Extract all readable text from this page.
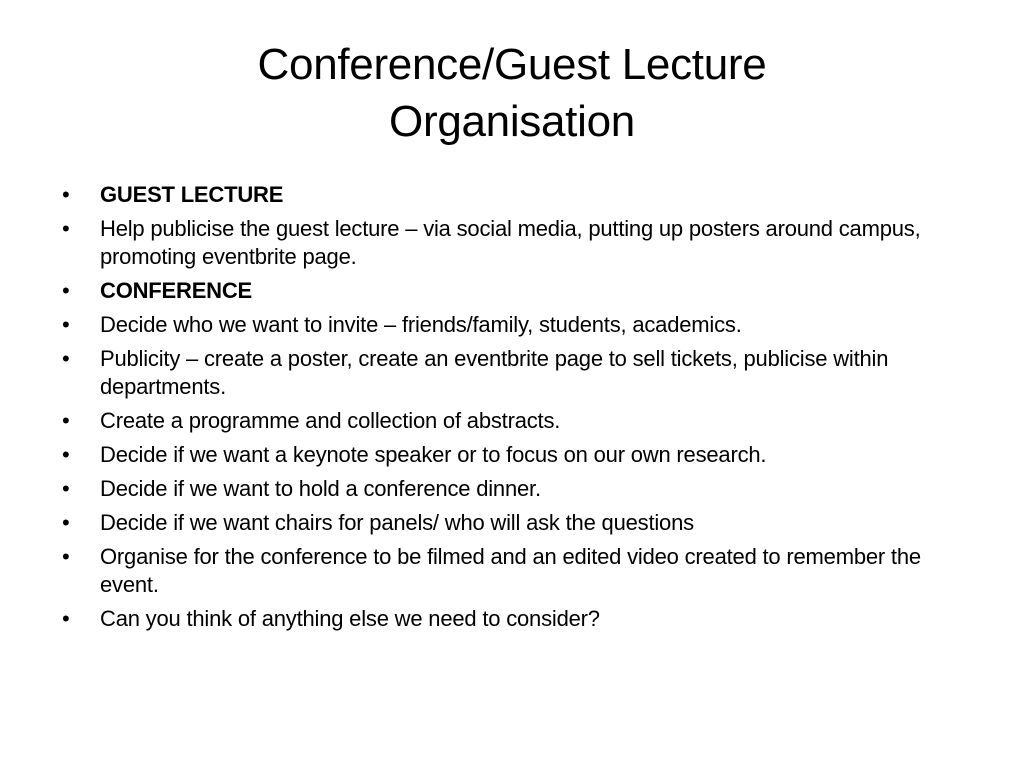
Conference/Guest Lecture
Organisation
• GUEST LECTURE
• Help publicise the guest lecture – via social media, putting up posters around campus, promoting eventbrite page.
• CONFERENCE
• Decide who we want to invite – friends/family, students, academics.
• Publicity – create a poster, create an eventbrite page to sell tickets, publicise within departments.
• Create a programme and collection of abstracts.
• Decide if we want a keynote speaker or to focus on our own research.
• Decide if we want to hold a conference dinner.
• Decide if we want chairs for panels/ who will ask the questions
• Organise for the conference to be filmed and an edited video created to remember the event.
• Can you think of anything else we need to consider?
